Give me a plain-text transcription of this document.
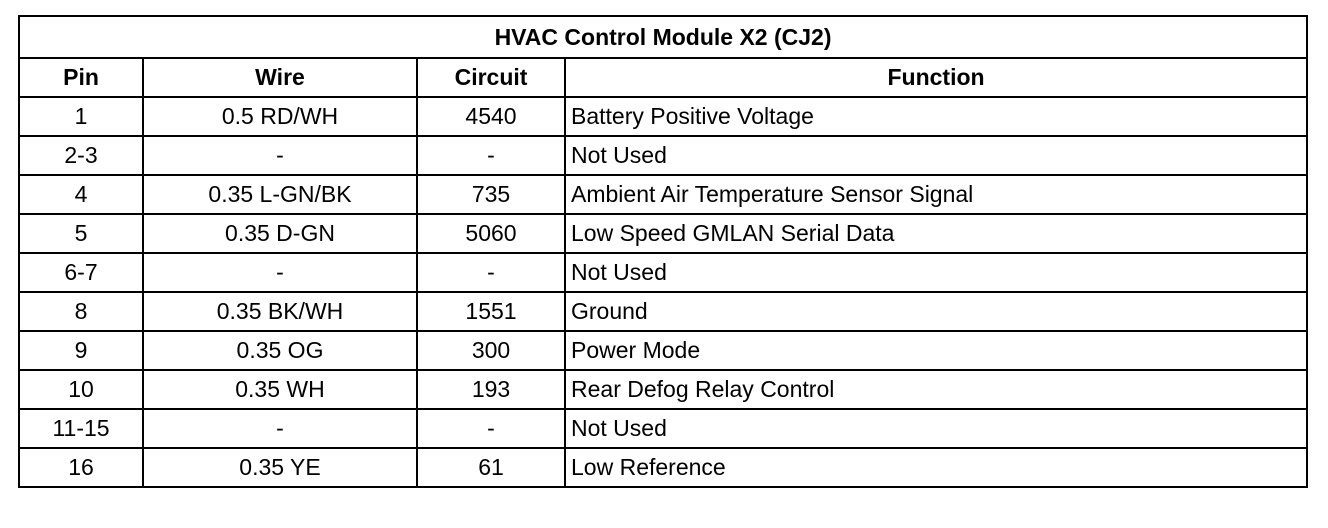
HVAC Control Module X2 (CJ2)			
Pin	Wire	Circuit	Function
1	0.5 RD/WH	4540	Battery Positive Voltage
2-3	-	-	Not Used
4	0.35 L-GN/BK	735	Ambient Air Temperature Sensor Signal
5	0.35 D-GN	5060	Low Speed GMLAN Serial Data
6-7	-	-	Not Used
8	0.35 BK/WH	1551	Ground
9	0.35 OG	300	Power Mode
10	0.35 WH	193	Rear Defog Relay Control
11-15	-	-	Not Used
16	0.35 YE	61	Low Reference
